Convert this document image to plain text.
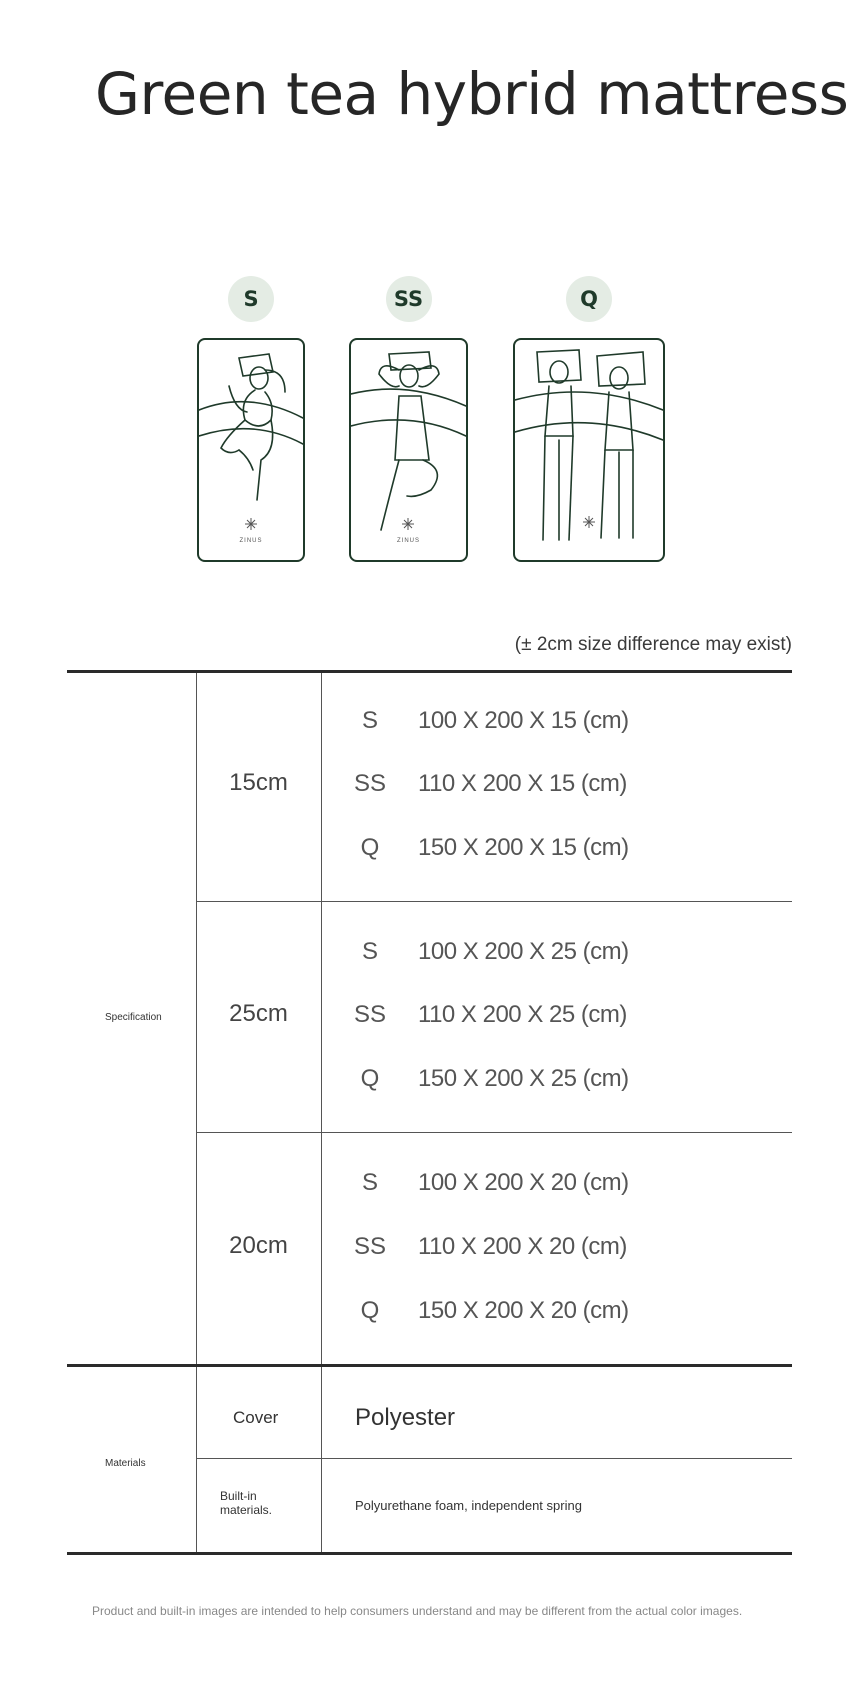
Green tea hybrid mattress
S
ZINUS
SS
ZINUS
Q
(± 2cm size difference may exist)
Specification
15cm
S	100 X 200 X 15 (cm)
SS 110 X 200 X 15 (cm)
Q	150 X 200 X 15 (cm)
25cm
S	100 X 200 X 25 (cm)
SS 110 X 200 X 25 (cm)
Q	150 X 200 X 25 (cm)
20cm
S	100 X 200 X 20 (cm)
SS 110 X 200 X 20 (cm)
Q	150 X 200 X 20 (cm)
Materials
Cover	Polyester
Built-in materials.	Polyurethane foam, independent spring
Product and built-in images are intended to help consumers understand and may be different from the actual color images.
